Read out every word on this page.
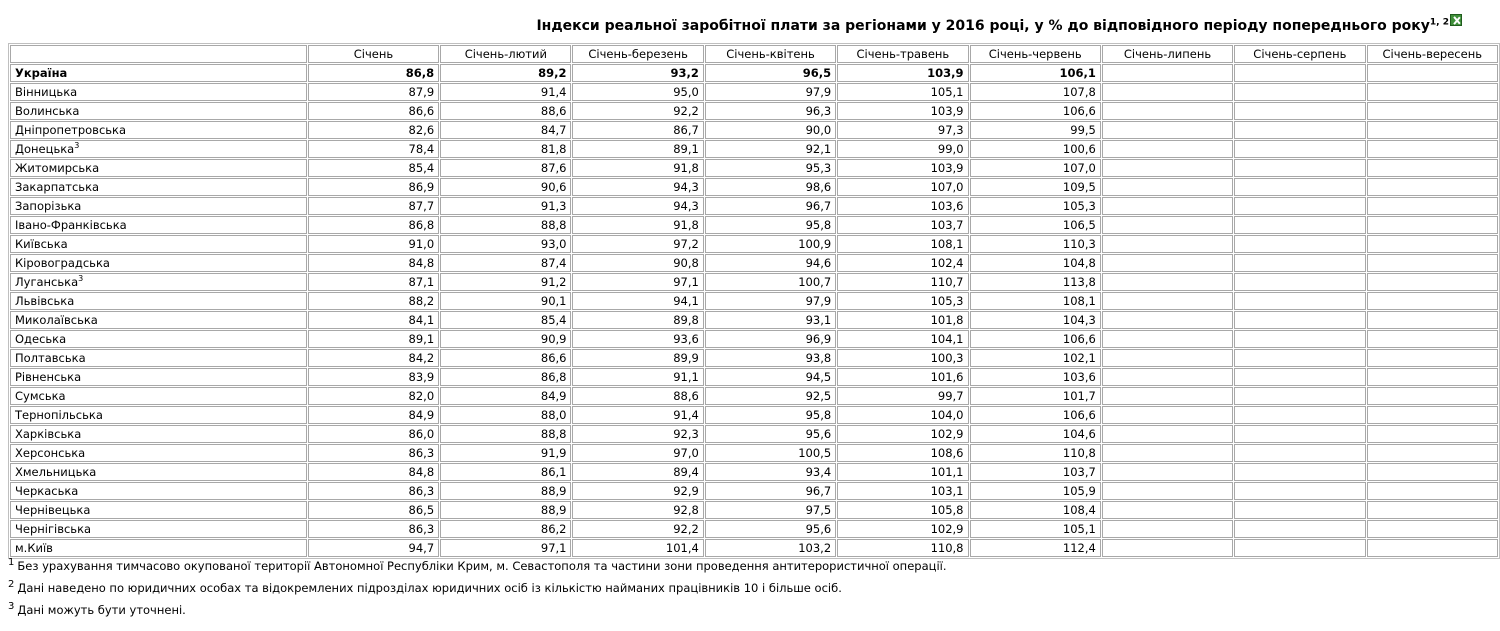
Індекси реальної заробітної плати за регіонами у 2016 році, у % до відповідного періоду попереднього року$^{1, 2}$
	Січень	Січень-лютий	Січень-березень	Січень-квітень	Січень-травень	Січень-червень	Січень-липень	Січень-серпень	Січень-вересень
Україна	86,8	89,2	93,2	96,5	103,9	106,1			
Вінницька	87,9	91,4	95,0	97,9	105,1	107,8			
Волинська	86,6	88,6	92,2	96,3	103,9	106,6			
Дніпропетровська	82,6	84,7	86,7	90,0	97,3	99,5			
Донецька$^3$	78,4	81,8	89,1	92,1	99,0	100,6			
Житомирська	85,4	87,6	91,8	95,3	103,9	107,0			
Закарпатська	86,9	90,6	94,3	98,6	107,0	109,5			
Запорізька	87,7	91,3	94,3	96,7	103,6	105,3			
Івано-Франківська	86,8	88,8	91,8	95,8	103,7	106,5			
Київська	91,0	93,0	97,2	100,9	108,1	110,3			
Кіровоградська	84,8	87,4	90,8	94,6	102,4	104,8			
Луганська$^3$	87,1	91,2	97,1	100,7	110,7	113,8			
Львівська	88,2	90,1	94,1	97,9	105,3	108,1			
Миколаївська	84,1	85,4	89,8	93,1	101,8	104,3			
Одеська	89,1	90,9	93,6	96,9	104,1	106,6			
Полтавська	84,2	86,6	89,9	93,8	100,3	102,1			
Рівненська	83,9	86,8	91,1	94,5	101,6	103,6			
Сумська	82,0	84,9	88,6	92,5	99,7	101,7			
Тернопільська	84,9	88,0	91,4	95,8	104,0	106,6			
Харківська	86,0	88,8	92,3	95,6	102,9	104,6			
Херсонська	86,3	91,9	97,0	100,5	108,6	110,8			
Хмельницька	84,8	86,1	89,4	93,4	101,1	103,7			
Черкаська	86,3	88,9	92,9	96,7	103,1	105,9			
Чернівецька	86,5	88,9	92,8	97,5	105,8	108,4			
Чернігівська	86,3	86,2	92,2	95,6	102,9	105,1			
м.Київ	94,7	97,1	101,4	103,2	110,8	112,4			
$^1$ Без урахування тимчасово окупованої території Автономної Республіки Крим, м. Севастополя та частини зони проведення антитерористичної операції.
$^2$ Дані наведено по юридичних особах та відокремлених підрозділах юридичних осіб із кількістю найманих працівників 10 і більше осіб.
$^3$ Дані можуть бути уточнені.
